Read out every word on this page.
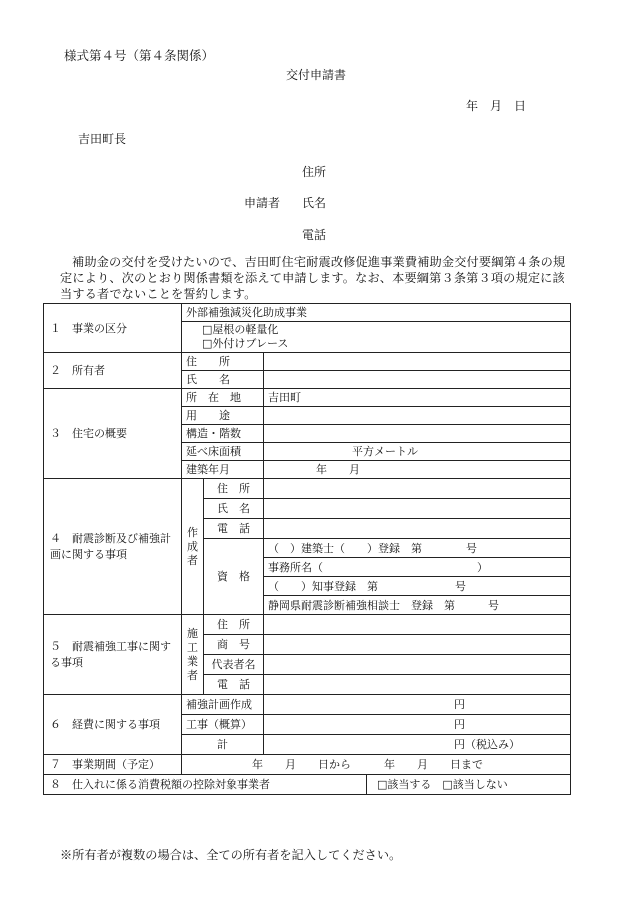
様式第４号（第４条関係）
交付申請書
年　月　日
吉田町長
住所
申請者 氏名
電話
補助金の交付を受けたいので、吉田町住宅耐震改修促進事業費補助金交付要綱第４条の規定により、次のとおり関係書類を添えて申請します。なお、本要綱第３条第３項の規定に該当する者でないことを誓約します。
１　事業の区分	外部補強減災化助成事業		

	□屋根の軽量化
□外付けブレース		

２　所有者	住　　所		
	氏　　名		
３　住宅の概要	所　在　地		吉田町
	用　　途		
	構造・階数		
	延べ床面積		平方メートル
	建築年月		年　　月
４　耐震診断及び補強計画に関する事項	作成者	住　所	
		氏　名	
		電　話	
		資　格	（　）建築士（　　）登録　第　　　　号
			事務所名（　　　　　　　　　　　　　　）
			（　　）知事登録　第　　　　　　　号
			静岡県耐震診断補強相談士　登録　第　　　号
５　耐震補強工事に関する事項	施工業者	住　所	
		商　号	
		代表者名	
		電　話	
６　経費に関する事項	補強計画作成		円
	工事（概算）		円
	計		円（税込み）
７　事業期間（予定）	年　　月　　日から　　　年　　月　　日まで		

８　仕入れに係る消費税額の控除対象事業者 □該当する　□該当しない			
※所有者が複数の場合は、全ての所有者を記入してください。
